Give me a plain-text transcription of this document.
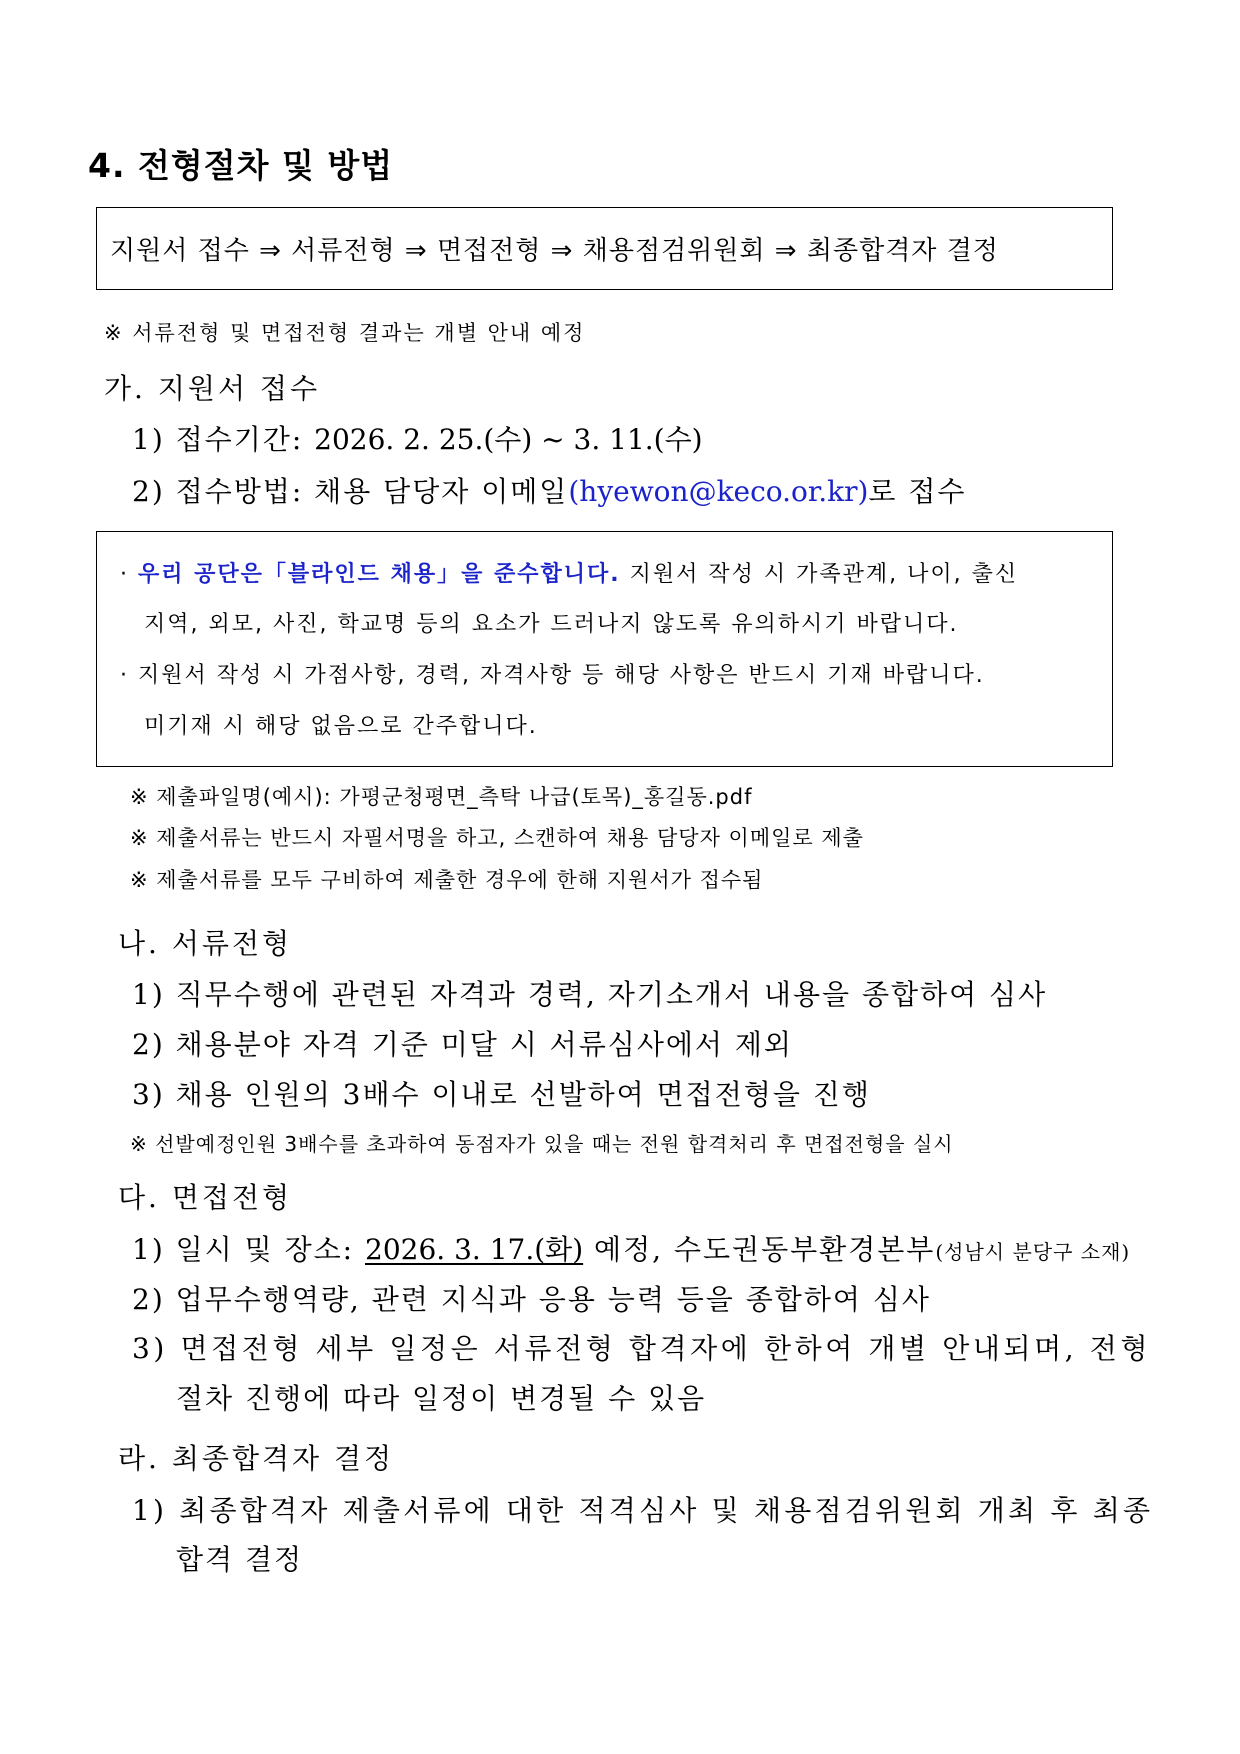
4. 전형절차 및 방법
지원서 접수 ⇒ 서류전형 ⇒ 면접전형 ⇒ 채용점검위원회 ⇒ 최종합격자 결정
※ 서류전형 및 면접전형 결과는 개별 안내 예정
가. 지원서 접수
1) 접수기간: 2026. 2. 25.(수) ~ 3. 11.(수)
2) 접수방법: 채용 담당자 이메일(hyewon@keco.or.kr)로 접수
· 우리 공단은「블라인드 채용」을 준수합니다. 지원서 작성 시 가족관계, 나이, 출신
지역, 외모, 사진, 학교명 등의 요소가 드러나지 않도록 유의하시기 바랍니다.
· 지원서 작성 시 가점사항, 경력, 자격사항 등 해당 사항은 반드시 기재 바랍니다.
미기재 시 해당 없음으로 간주합니다.
※ 제출파일명(예시): 가평군청평면_측탁 나급(토목)_홍길동.pdf
※ 제출서류는 반드시 자필서명을 하고, 스캔하여 채용 담당자 이메일로 제출
※ 제출서류를 모두 구비하여 제출한 경우에 한해 지원서가 접수됨
나. 서류전형
1) 직무수행에 관련된 자격과 경력, 자기소개서 내용을 종합하여 심사
2) 채용분야 자격 기준 미달 시 서류심사에서 제외
3) 채용 인원의 3배수 이내로 선발하여 면접전형을 진행
※ 선발예정인원 3배수를 초과하여 동점자가 있을 때는 전원 합격처리 후 면접전형을 실시
다. 면접전형
1) 일시 및 장소: 2026. 3. 17.(화) 예정, 수도권동부환경본부(성남시 분당구 소재)
2) 업무수행역량, 관련 지식과 응용 능력 등을 종합하여 심사
3) 면접전형 세부 일정은 서류전형 합격자에 한하여 개별 안내되며, 전형
절차 진행에 따라 일정이 변경될 수 있음
라. 최종합격자 결정
1) 최종합격자 제출서류에 대한 적격심사 및 채용점검위원회 개최 후 최종
합격 결정
